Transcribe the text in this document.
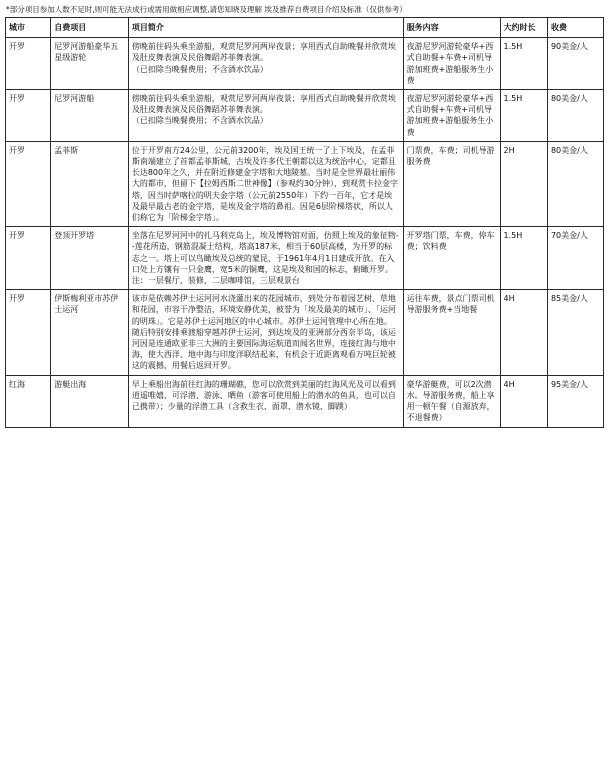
*部分项目参加人数不足时,则可能无法成行或需用做相应调整,请您知晓及理解 埃及推荐自费项目介绍及标准（仅供参考）
城市	自费项目	项目简介	服务内容	大约时长	收费
开罗	尼罗河游船豪华五星级游轮	傍晚前往码头乘坐游船，观赏尼罗河两岸夜景；享用西式自助晚餐并欣赏埃及肚皮舞表演及民俗舞蹈苏菲舞表演。

（已扣除当晚餐费用；不含酒水饮品）	夜游尼罗河游轮豪华+西式自助餐+车费+司机导游加班费+游船服务生小费	1.5H	90美金/人
开罗	尼罗河游船	傍晚前往码头乘坐游船，观赏尼罗河两岸夜景；享用西式自助晚餐并欣赏埃及肚皮舞表演及民俗舞蹈苏菲舞表演。

（已扣除当晚餐费用；不含酒水饮品）	夜游尼罗河游轮豪华+西式自助餐+车费+司机导游加班费+游船服务生小费	1.5H	80美金/人
开罗	孟菲斯	位于开罗南方24公里，公元前3200年，埃及国王统一了上下埃及，在孟菲斯南端建立了首都孟菲斯城，古埃及许多代王朝都以这为统治中心，定都且长达800年之久，并在附近修建金字塔和大地陵墓。当时是全世界最壮丽伟大的都市，但留下【拉姆西斯二世神像】（参观约30分钟），到观赏卡拉金字塔，因当时萨喀拉的明夫金字塔（公元前2550年）下约一百年，它才是埃及最早最古老的金字塔，是埃及金字塔的鼻祖。因是6层阶梯塔状，所以人们称它为「阶梯金字塔」。	门票费，车费；司机导游服务费	2H	80美金/人
开罗	登顶开罗塔	坐落在尼罗河河中的扎马利克岛上，埃及博物馆对面，仿照上埃及的象征物--莲花所造，钢筋混凝土结构，塔高187米，相当于60层高楼，为开罗的标志之一。塔上可以鸟瞰埃及总统的蒙昆，于1961年4月1日建成开放。在入口处上方镶有一只金鹰，宽5米的铜鹰，这是埃及和国的标志，俯瞰开罗。注：一层餐厅，装修，二层咖啡馆，三层观景台	开罗塔门票，车费，停车费；饮料费	1.5H	70美金/人
开罗	伊斯梅利亚市苏伊士运河	该市是依赖苏伊士运河河水浇灌出来的花园城市，到处分布着园艺树、草地和花园，市容干净整洁，环境安静优美，被誉为「埃及最美的城市」、「运河的明珠」。它是苏伊士运河地区的中心城市。苏伊士运河管理中心所在地。

随后特别安排乘渡船穿越苏伊士运河，到达埃及的亚洲部分西奈半岛，该运河因是连通欧亚非三大洲的主要国际海运航道而闻名世界，连接红海与地中海，使大西洋、地中海与印度洋联结起来，有机会于近距离观看万吨巨轮被这的震撼，用餐后返回开罗。	运往车费，景点门票司机导游服务费+当地餐	4H	85美金/人
红海	游艇出海	早上乘船出海前往红海的珊瑚礁，您可以欣赏到美丽的红海风光及可以看到逍遥唯嬉、可浮潜、游泳、晒鱼（游客可使用船上的潜水的鱼具，也可以自己携带）；少量的浮潜工具（含救生衣、面罩、潜水镜、脚蹼）	豪华游艇费，可以2次潜水。导游服务费，船上享用一顿午餐（自源放弃，不退餐费）	4H	95美金/人
